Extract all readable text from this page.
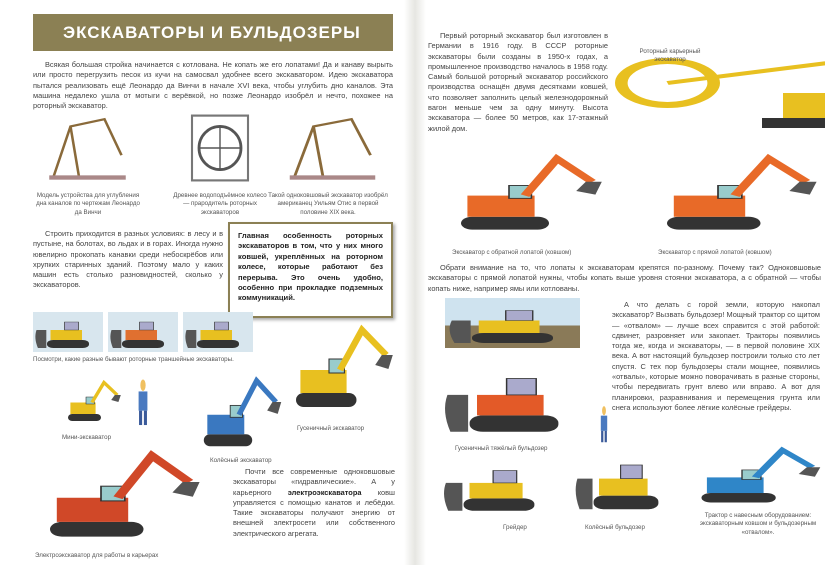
ЭКСКАВАТОРЫ И БУЛЬДОЗЕРЫ

Всякая большая стройка начинается с котлована. Не копать же его лопатами! Да и канаву вырыть или просто перегрузить песок из кучи на самосвал удобнее всего экскаватором. Идею экскаватора пытался реализовать ещё Леонардо да Винчи в начале XVI века, чтобы углубить дно каналов. Эта машина недалеко ушла от мотыги с верёвкой, но позже Леонардо изобрёл и нечто, похожее на роторный экскаватор.

Модель устройства для углубления дна каналов по чертежам Леонардо да Винчи
Древнее водоподъёмное колесо — прародитель роторных экскаваторов
Такой одноковшовый экскаватор изобрёл американец Уильям Отис в первой половине XIX века.

Строить приходится в разных условиях: в лесу и в пустыне, на болотах, во льдах и в горах. Иногда нужно ювелирно прокопать канавки среди небоскрёбов или хрупких старинных зданий. Поэтому мало у каких машин есть столько разновидностей, сколько у экскаваторов.

Главная особенность роторных экскаваторов в том, что у них много ковшей, укреплённых на роторном колесе, которые работают без перерыва. Это очень удобно, особенно при прокладке подземных коммуникаций.
Посмотри, какие разные бывают роторные траншейные экскаваторы.
Мини-экскаватор
Колёсный экскаватор
Гусеничный экскаватор
Электроэкскаватор для работы в карьерах

Почти все современные одноковшовые экскаваторы «гидравлические». А у карьерного электроэкскаватора ковш управляется с помощью канатов и лебёдки. Такие экскаваторы получают энергию от внешней электросети или собственного электрического агрегата.

Первый роторный экскаватор был изготовлен в Германии в 1916 году. В СССР роторные экскаваторы были созданы в 1950-х годах, а промышленное производство началось в 1958 году. Самый большой роторный экскаватор российского производства оснащён двумя десятками ковшей, что позволяет заполнить целый железнодорожный вагон меньше чем за одну минуту. Высота экскаватора — более 50 метров, как 17-этажный жилой дом.

Роторный карьерный экскаватор
Экскаватор с обратной лопатой (ковшом)	Экскаватор с прямой лопатой (ковшом)

Обрати внимание на то, что лопаты к экскаваторам крепятся по-разному. Почему так? Одноковшовые экскаваторы с прямой лопатой нужны, чтобы копать выше уровня стоянки экскаватора, а с обратной — чтобы копать ниже, например ямы или котлованы.

Гусеничный тяжёлый бульдозер

А что делать с горой земли, которую накопал экскаватор? Вызвать бульдозер! Мощный трактор со щитом — «отвалом» — лучше всех справится с этой работой: сдвинет, разровняет или закопает. Тракторы появились тогда же, когда и экскаваторы, — в первой половине XIX века. А вот настоящий бульдозер построили только сто лет спустя. С тех пор бульдозеры стали мощнее, появились «отвалы», которые можно поворачивать в разные стороны, чтобы передвигать грунт влево или вправо. А вот для планировки, разравнивания и перемещения грунта или снега используют более лёгкие колёсные грейдеры.

Грейдер	Колёсный бульдозер
Трактор с навесным оборудованием: экскаваторным ковшом и бульдозерным «отвалом».
